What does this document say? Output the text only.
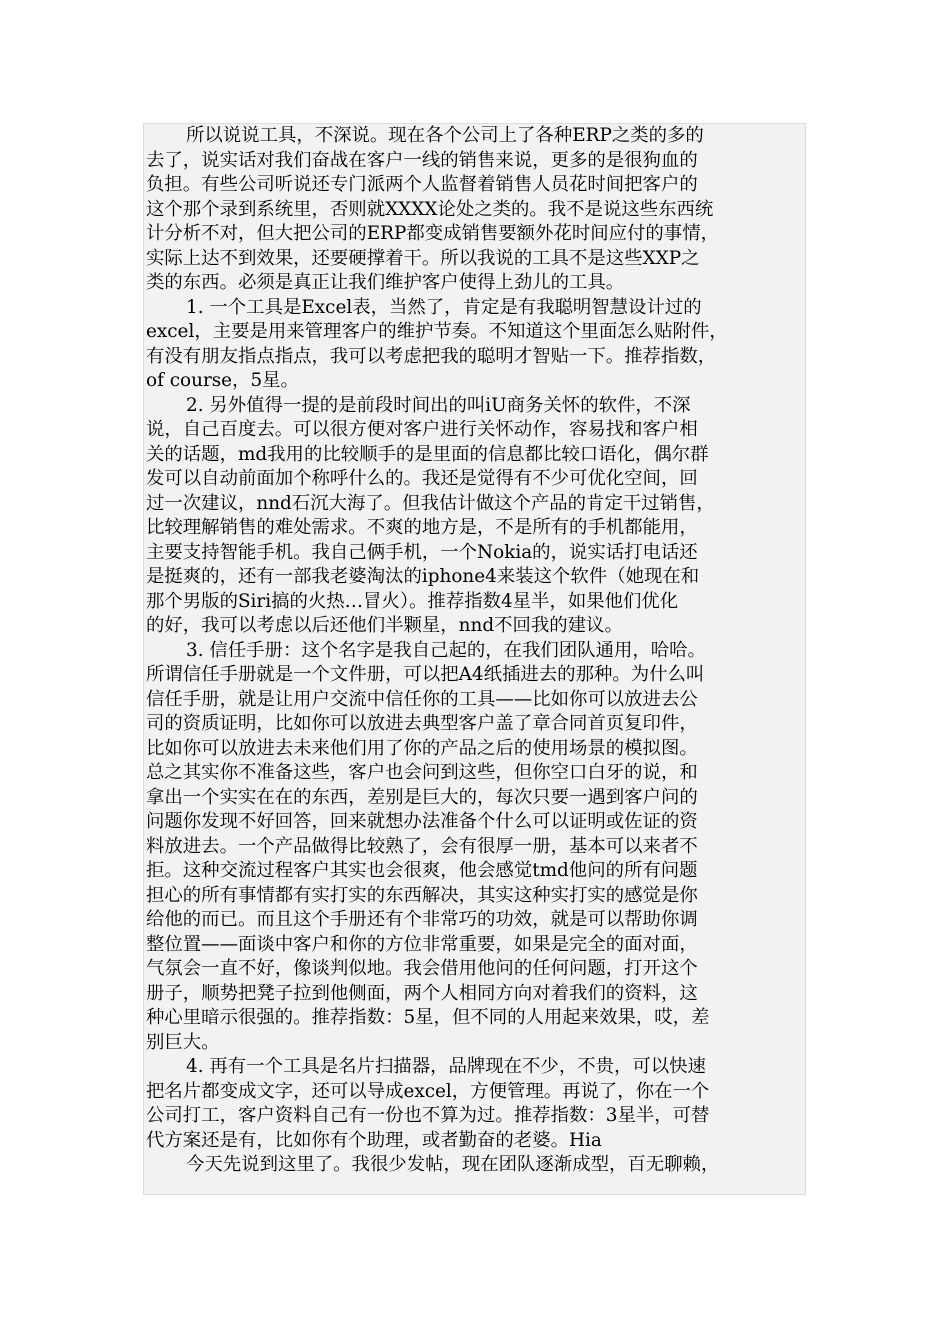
所以说说工具，不深说。现在各个公司上了各种ERP之类的多的
去了，说实话对我们奋战在客户一线的销售来说，更多的是很狗血的
负担。有些公司听说还专门派两个人监督着销售人员花时间把客户的
这个那个录到系统里，否则就XXXX论处之类的。我不是说这些东西统
计分析不对，但大把公司的ERP都变成销售要额外花时间应付的事情，
实际上达不到效果，还要硬撑着干。所以我说的工具不是这些XXP之
类的东西。必须是真正让我们维护客户使得上劲儿的工具。
1. 一个工具是Excel表，当然了，肯定是有我聪明智慧设计过的
excel，主要是用来管理客户的维护节奏。不知道这个里面怎么贴附件，
有没有朋友指点指点，我可以考虑把我的聪明才智贴一下。推荐指数，
of course，5星。
2. 另外值得一提的是前段时间出的叫iU商务关怀的软件，不深
说，自己百度去。可以很方便对客户进行关怀动作，容易找和客户相
关的话题，md我用的比较顺手的是里面的信息都比较口语化，偶尔群
发可以自动前面加个称呼什么的。我还是觉得有不少可优化空间，回
过一次建议，nnd石沉大海了。但我估计做这个产品的肯定干过销售，
比较理解销售的难处需求。不爽的地方是，不是所有的手机都能用，
主要支持智能手机。我自己俩手机，一个Nokia的，说实话打电话还
是挺爽的，还有一部我老婆淘汰的iphone4来装这个软件（她现在和
那个男版的Siri搞的火热…冒火）。推荐指数4星半，如果他们优化
的好，我可以考虑以后还他们半颗星，nnd不回我的建议。
3. 信任手册：这个名字是我自己起的，在我们团队通用，哈哈。
所谓信任手册就是一个文件册，可以把A4纸插进去的那种。为什么叫
信任手册，就是让用户交流中信任你的工具——比如你可以放进去公
司的资质证明，比如你可以放进去典型客户盖了章合同首页复印件，
比如你可以放进去未来他们用了你的产品之后的使用场景的模拟图。
总之其实你不准备这些，客户也会问到这些，但你空口白牙的说，和
拿出一个实实在在的东西，差别是巨大的，每次只要一遇到客户问的
问题你发现不好回答，回来就想办法准备个什么可以证明或佐证的资
料放进去。一个产品做得比较熟了，会有很厚一册，基本可以来者不
拒。这种交流过程客户其实也会很爽，他会感觉tmd他问的所有问题
担心的所有事情都有实打实的东西解决，其实这种实打实的感觉是你
给他的而已。而且这个手册还有个非常巧的功效，就是可以帮助你调
整位置——面谈中客户和你的方位非常重要，如果是完全的面对面，
气氛会一直不好，像谈判似地。我会借用他问的任何问题，打开这个
册子，顺势把凳子拉到他侧面，两个人相同方向对着我们的资料，这
种心里暗示很强的。推荐指数：5星，但不同的人用起来效果，哎，差
别巨大。
4. 再有一个工具是名片扫描器，品牌现在不少，不贵，可以快速
把名片都变成文字，还可以导成excel，方便管理。再说了，你在一个
公司打工，客户资料自己有一份也不算为过。推荐指数：3星半，可替
代方案还是有，比如你有个助理，或者勤奋的老婆。Hia
今天先说到这里了。我很少发帖，现在团队逐渐成型，百无聊赖，
